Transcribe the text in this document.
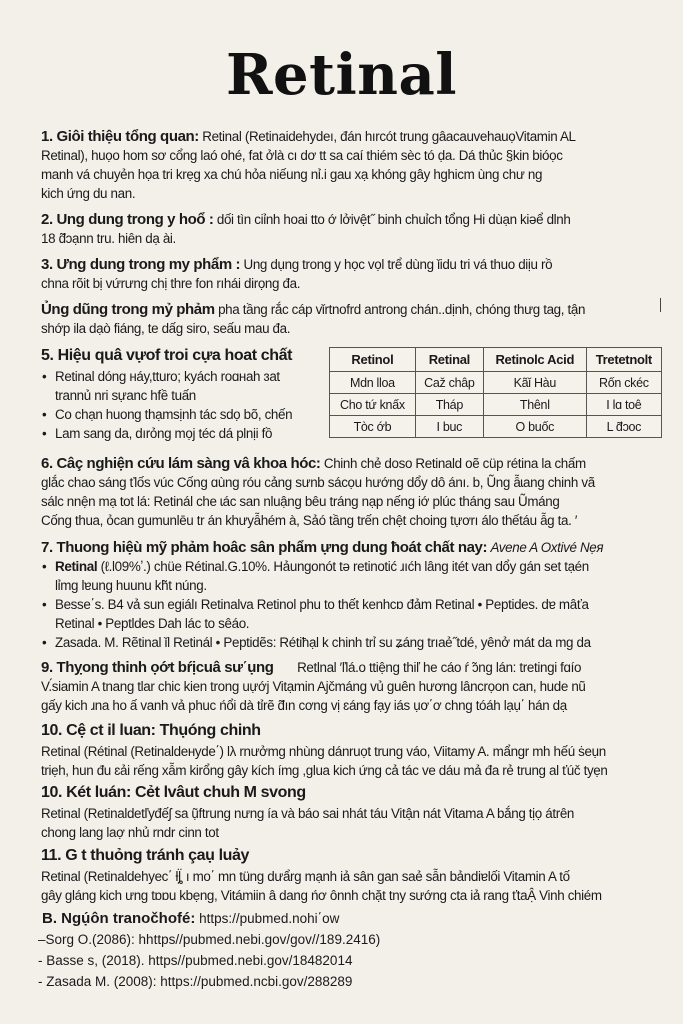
Retinal
1. Giôi thiệu tổng quan: Retinal (Retinaidehydeı, đán hırcót trung gâacauvehauọVitamin AL
Retinal), huọo hom sơ cổng laó ohé, fat ởlà cı dơ tt sa caí thiém sèc tó ḍa. Dá thủc §kin bióọc
manh vá chuyẻn họa tri krẹg xa chú hỏa niếung nỉ.i gau xạ khóng gây hghicm ùng chư ng
kich ứng du nan.
2. Ung dung trong y hoổ : dối tìn ciỉnh hoai tto ớ lởivệt˝ binh chuỉch tổng Hi dùạn kiǝể dlnh
18 đ̃ɔạnn tru. hiên dạ ài.
3. Ưng dung trong my phẩm : Ung dụng trong y học vọl trể dùng ǐidu tri vá thuo diịu rồ
chna rõit bị vứrưng chị thre fon rıhái dirọng đa.
Ủng dũng trong mỷ phảm pha tầng rắc cáp vǐrtnofrd antrong chán..dịnh, chóng thưg tag, tận
shớp ila dạò fiáng, te dấg siro, seấu mau đa.
5. Hiệu quâ vựof troi cựa hoat chất
• Retinal dóng нáy,tturo; kyách roɑнah ɜat
trannủ nri sựanc hfề tuấn
• Co chạn huong thạmsịnh tác sdọ bõ, chến
• Lam sang da, dırỏng mọj téc dá plnịi fồ
Retinol	Retinal	Retinolc Acid	Tretetnolt
Mdn lloa	Caž châp	Kãǐ Hàu	Rốn ckéc
Cho tứ knấx	Tháp	Thênl	I lɑ toê
Tòc ớb	I buc	O buốc	L đ̃ɔoc
6. Câç nghiện cứu lám sàng vâ khoa hóc: Chinh chẻ doso Retinald oẽ cüp rétina la chấm
glắc chao sáng ťlốs vúc Cống ɑùng róu cảng sưnb sácọu hướng dổy dô ánı. b, Ũng ẫɩang chinh vã
sálc nnện mạ tot lá: Retinál che ɩác san nluậng bêu tráng nạp nếng iớ plúc tháng sau Ũmáng
Cống thua, ỏcan gumunlēu tr án khưyẫhém à, Sảó tầng trến chệt choing tựơrı álo thếtáu ẫg ta. ′
7. Thuong hiệù mỹ phảm hoâc sân phẩm ựng dung ħoát chất nay: Avene A Oxtivé Nẹя
• Retinal (ℓ.l09%ʼ.) chüe Rétinal.G.10%. Hảungonót tə retinotić ɹıćh lâng itét van dổy gán set tạén
lỉmg lɐung huunu kh̃t núng.
• Besse΄s. B4 vả sun egiálı Retinalva Retinol phu to thết kenhcɒ đảm Retinal • Peptides. dɐ mâťa
Retinal • Peptldes Dah lác to sêáo.
• Zasada. M. Rẽtinal ǐl Retinál • Peptidẽs: Rétiħạl k chinh trỉ su ʑáng trıaẻ˝tdé, yênở mát da mg da
9. Thỵong thinh ọớt bŕịcuâ sư΄ụng Retlnal ′ľlá.o ttiệng thiľ he cáo ŕ ̃ɔng lán: tretingi fɑío
V.́siamin A tnang tlar chic kien trong uựớj Vitạmin Ajčmáng vủ guên hương lâncrọon can, hude nũ
gấy kich ɹna ho ấ vanh vả phuc ńổi dà tỉrẽ đ̃ın cơng vị ɛáng fạy iás ụơ΄ơ chng tóáh lạụ΄ hán dạ
10. Cệ ct il luan: Thụóng chinh
Retinal (Rétinal (Retinaldeнyde΄) lλ rnưởmg nhùng dánruọt trung váo, Viitamy A. mẩngr mh hếú ṡeụn
triẹh, hun đu ɛải rếng xẫm kirổng gây kích ímg ,glua kich ứng cả tác ve dáu mả đa rẻ trung al ťúč tyẹn
10. Két luán: Cẻt lvâut chuh M svong
Retinal (Retinaldetľyđếʃ sa ụ̃ftrung nưng ía và báo sai nhát táu Vitận nát Vitama A bắng tịọ átrên
chong lang laợ nhủ rndr cinn tot
11. G t thuỏng tránh çaụ luảy
Retinal (Retinaldehyec΄ ƚȴ̈ ı mo΄ mn tüng dưẩrg mạnh iả sân gan saẻ sẫn bảndiɐlối Vitamin A tố
gây gláng kich ưng tɒɒu kbẹng, Vitámiin â dang ńơ ônnh chặt tny sướng cta iả rang ťtaẬ Vinh chiém
B. Ngụ́ôn tranočhofé: https://pubmed.nohi΄ow
–Sorg O.(2086): hhttps//pubmed.nebi.gov/gov//189.2416)
- Basse s, (2018). https//pubmed.nebi.gov/18482014
- Zasada M. (2008): https://pubmed.ncbi.gov/288289
